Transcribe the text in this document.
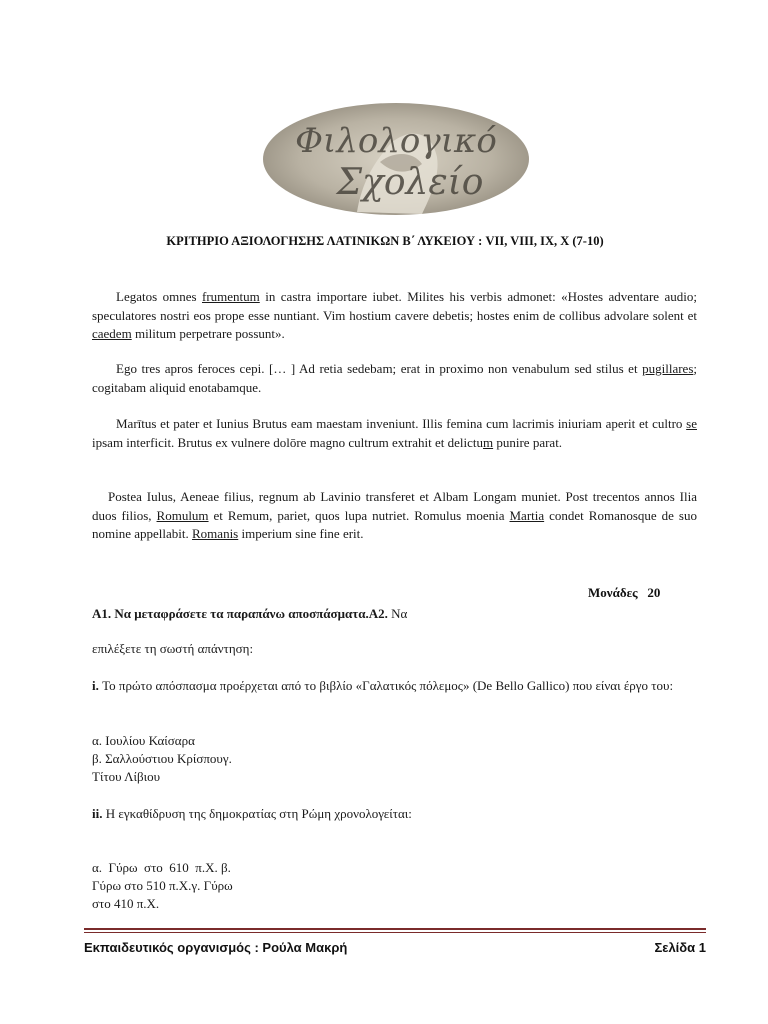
Φιλολογικό
Σχολείο
ΚΡΙΤΗΡΙΟ ΑΞΙΟΛΟΓΗΣΗΣ ΛΑΤΙΝΙΚΩΝ Β΄ ΛΥΚΕΙΟΥ : VII, VIII, IX, X (7-10)
Legatos omnes frumentum in castra importare iubet. Milites his verbis admonet: «Hostes adventare audio; speculatores nostri eos prope esse nuntiant. Vim hostium cavere debetis; hostes enim de collibus advolare solent et caedem militum perpetrare possunt».
Ego tres apros feroces cepi. [… ] Ad retia sedebam; erat in proximo non venabulum sed stilus et pugillares; cogitabam aliquid enotabamque.
Marītus et pater et Iunius Brutus eam maestam inveniunt. Illis femina cum lacrimis iniuriam aperit et cultro se ipsam interficit. Brutus ex vulnere dolōre magno cultrum extrahit et delictum punire parat.
Postea Iulus, Aeneae filius, regnum ab Lavinio transferet et Albam Longam muniet. Post trecentos annos Ilia duos filios, Romulum et Remum, pariet, quos lupa nutriet. Romulus moenia Martia condet Romanosque de suo nomine appellabit. Romanis imperium sine fine erit.
Μονάδες   20
Α1. Να μεταφράσετε τα παραπάνω αποσπάσματα.Α2. Να
επιλέξετε τη σωστή απάντηση:
i. Το πρώτο απόσπασμα προέρχεται από το βιβλίο «Γαλατικός πόλεμος» (De Bello Gallico) που είναι έργο του:
α. Ιουλίου Καίσαρα
β. Σαλλούστιου Κρίσπουγ.
Τίτου Λίβιου
ii. Η εγκαθίδρυση της δημοκρατίας στη Ρώμη χρονολογείται:

α.  Γύρω  στο  610  π.Χ. β.
Γύρω στο 510 π.Χ.γ. Γύρω
στο 410 π.Χ.
Εκπαιδευτικός οργανισμός : Ρούλα Μακρή	Σελίδα 1
